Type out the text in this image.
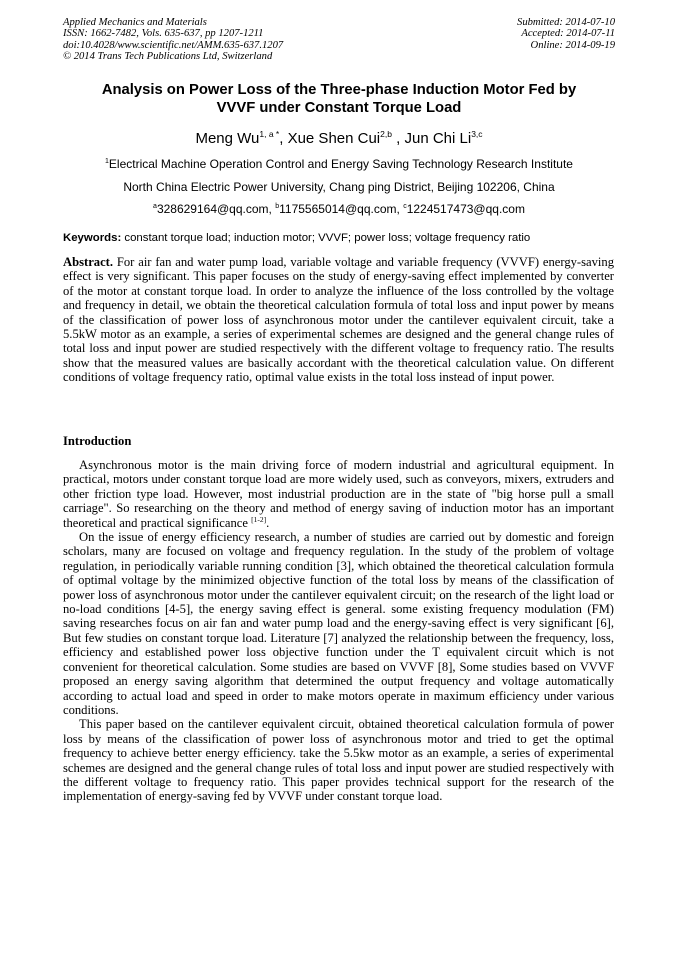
Applied Mechanics and Materials
ISSN: 1662-7482, Vols. 635-637, pp 1207-1211
doi:10.4028/www.scientific.net/AMM.635-637.1207
© 2014 Trans Tech Publications Ltd, Switzerland
Submitted: 2014-07-10
Accepted: 2014-07-11
Online: 2014-09-19
Analysis on Power Loss of the Three-phase Induction Motor Fed by
VVVF under Constant Torque Load
Meng $Wu^{1, a *}$, Xue Shen Cui$^{2,b}$ , Jun Chi Li$^{3,c}$
$^1$Electrical Machine Operation Control and Energy Saving Technology Research Institute
North China Electric Power University, Chang ping District, Beijing 102206, China
$^a$328629164@qq.com, $^b$1175565014@qq.com, $^c$1224517473@qq.com
Keywords: constant torque load; induction motor; VVVF; power loss; voltage frequency ratio

Abstract. For air fan and water pump load, variable voltage and variable frequency (VVVF) energy-saving effect is very significant. This paper focuses on the study of energy-saving effect implemented by converter of the motor at constant torque load. In order to analyze the influence of the loss controlled by the voltage and frequency in detail, we obtain the theoretical calculation formula of total loss and input power by means of the classification of power loss of asynchronous motor under the cantilever equivalent circuit, take a 5.5kW motor as an example, a series of experimental schemes are designed and the general change rules of total loss and input power are studied respectively with the different voltage to frequency ratio. The results show that the measured values are basically accordant with the theoretical calculation value. On different conditions of voltage frequency ratio, optimal value exists in the total loss instead of input power.

Introduction

Asynchronous motor is the main driving force of modern industrial and agricultural equipment. In practical, motors under constant torque load are more widely used, such as conveyors, mixers, extruders and other friction type load. However, most industrial production are in the state of "big horse pull a small carriage". So researching on the theory and method of energy saving of induction motor has an important theoretical and practical significance [1-2].

On the issue of energy efficiency research, a number of studies are carried out by domestic and foreign scholars, many are focused on voltage and frequency regulation. In the study of the problem of voltage regulation, in periodically variable running condition [3], which obtained the theoretical calculation formula of optimal voltage by the minimized objective function of the total loss by means of the classification of power loss of asynchronous motor under the cantilever equivalent circuit; on the research of the light load or no-load conditions [4-5], the energy saving effect is general. some existing frequency modulation (FM) saving researches focus on air fan and water pump load and the energy-saving effect is very significant [6], But few studies on constant torque load. Literature [7] analyzed the relationship between the frequency, loss, efficiency and established power loss objective function under the T equivalent circuit which is not convenient for theoretical calculation. Some studies are based on VVVF [8], Some studies based on VVVF proposed an energy saving algorithm that determined the output frequency and voltage automatically according to actual load and speed in order to make motors operate in maximum efficiency under various conditions.

This paper based on the cantilever equivalent circuit, obtained theoretical calculation formula of power loss by means of the classification of power loss of asynchronous motor and tried to get the optimal frequency to achieve better energy efficiency. take the 5.5kw motor as an example, a series of experimental schemes are designed and the general change rules of total loss and input power are studied respectively with the different voltage to frequency ratio. This paper provides technical support for the research of the implementation of energy-saving fed by VVVF under constant torque load.
